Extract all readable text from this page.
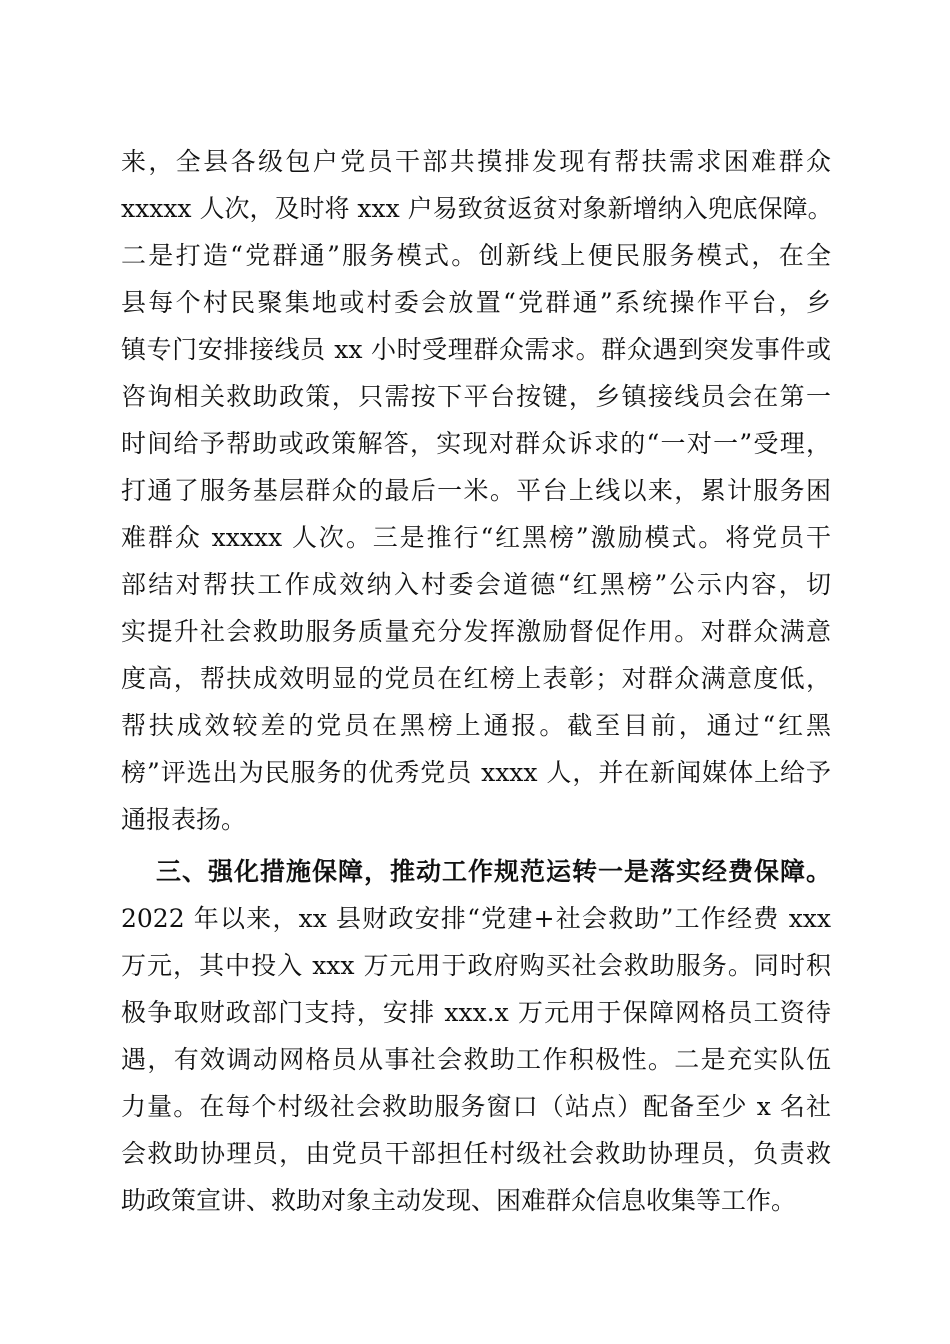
来，全县各级包户党员干部共摸排发现有帮扶需求困难群众
xxxxx 人次，及时将 xxx 户易致贫返贫对象新增纳入兜底保障。
二是打造“党群通”服务模式。创新线上便民服务模式，在全
县每个村民聚集地或村委会放置“党群通”系统操作平台，乡
镇专门安排接线员 xx 小时受理群众需求。群众遇到突发事件或
咨询相关救助政策，只需按下平台按键，乡镇接线员会在第一
时间给予帮助或政策解答，实现对群众诉求的“一对一”受理，
打通了服务基层群众的最后一米。平台上线以来，累计服务困
难群众 xxxxx 人次。三是推行“红黑榜”激励模式。将党员干
部结对帮扶工作成效纳入村委会道德“红黑榜”公示内容，切
实提升社会救助服务质量充分发挥激励督促作用。对群众满意
度高，帮扶成效明显的党员在红榜上表彰；对群众满意度低，
帮扶成效较差的党员在黑榜上通报。截至目前，通过“红黑
榜”评选出为民服务的优秀党员 xxxx 人，并在新闻媒体上给予
通报表扬。
三、强化措施保障，推动工作规范运转一是落实经费保障。
2022 年以来，xx 县财政安排“党建+社会救助”工作经费 xxx
万元，其中投入 xxx 万元用于政府购买社会救助服务。同时积
极争取财政部门支持，安排 xxx.x 万元用于保障网格员工资待
遇，有效调动网格员从事社会救助工作积极性。二是充实队伍
力量。在每个村级社会救助服务窗口（站点）配备至少 x 名社
会救助协理员，由党员干部担任村级社会救助协理员，负责救
助政策宣讲、救助对象主动发现、困难群众信息收集等工作。
